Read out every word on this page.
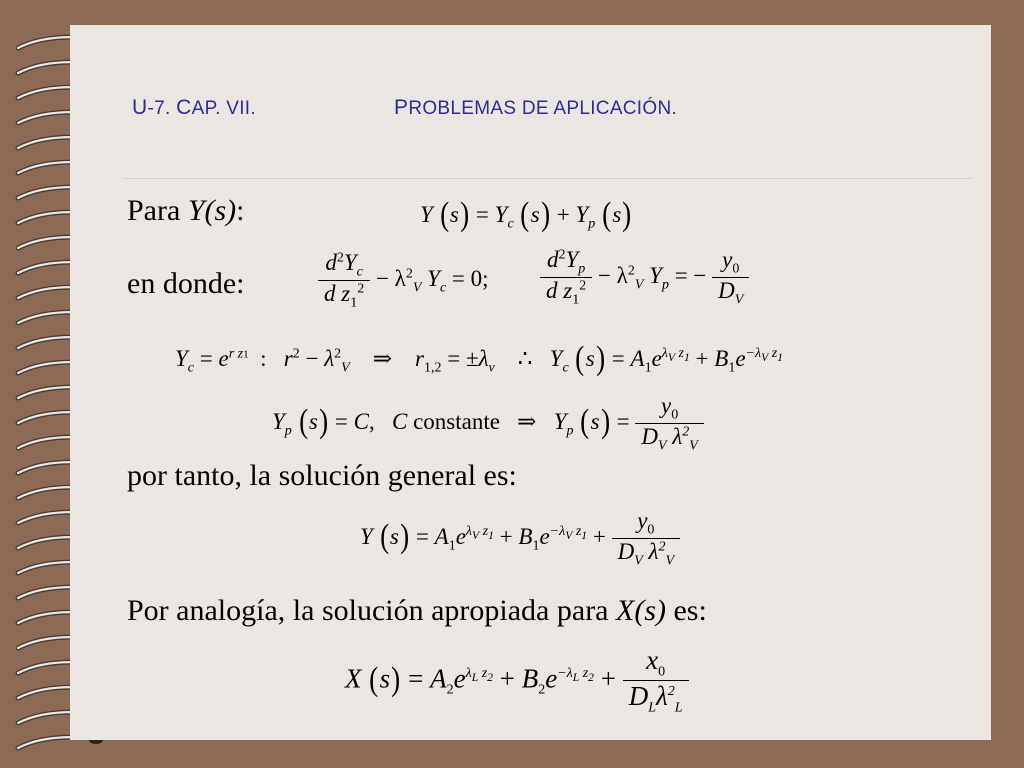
U-7. CAP. VII.	PROBLEMAS DE APLICACIÓN.
Para Y(s):	Y $(s) = Y_c$ $(s) + Y_p$ (s)
en donde:	$\frac{d^2Y_c}{d z_1^2} - \lambda^2_V$ $Y_c = 0$; $\frac{d^2Y_p}{d z_1^2} - \lambda^2_V$ $Y_p$ = − $\frac{y_0}{D_V}$
$Y_c = e^{r z1}$  :   $r^2 - \lambda^2_V$    ⇒    $r_{1,2} = \pm\lambda_v$    ∴   $Y_c$ $(s) = A_1e^{\lambda_V z_1} + B_1e^{-\lambda_V z_1}$
$Y_p$ (s) = C,   C constante   ⇒   $Y_p$ $(s) = \frac{y_0}{D_V \lambda^2_V}$
por tanto, la solución general es:
Y $(s) = A_1e^{\lambda_V z_1} + B_1e^{-\lambda_V z_1} + \frac{y_0}{D_V \lambda^2_V}$
Por analogía, la solución apropiada para X(s) es:
X $(s) = A_2e^{\lambda_L z_2} + B_2e^{-\lambda_L z_2} + \frac{x_0}{D_L\lambda^2_L}$
